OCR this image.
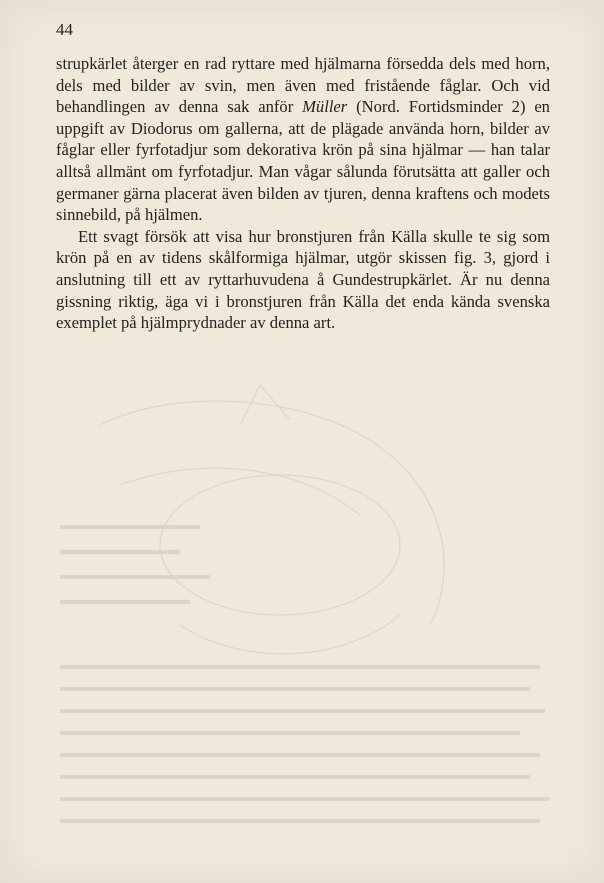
44

strupkärlet återger en rad ryttare med hjälmarna försedda dels med horn, dels med bilder av svin, men även med fristående fåglar. Och vid behandlingen av denna sak anför Müller (Nord. Fortidsminder 2) en uppgift av Diodorus om gallerna, att de plägade använda horn, bilder av fåglar eller fyrfotadjur som dekorativa krön på sina hjälmar — han talar alltså allmänt om fyrfotadjur. Man vågar sålunda förutsätta att galler och germaner gärna placerat även bilden av tjuren, denna kraftens och modets sinnebild, på hjälmen.

Ett svagt försök att visa hur bronstjuren från Källa skulle te sig som krön på en av tidens skålformiga hjälmar, utgör skissen fig. 3, gjord i anslutning till ett av ryttarhuvudena å Gundestrupkärlet. Är nu denna gissning riktig, äga vi i bronstjuren från Källa det enda kända svenska exemplet på hjälmprydnader av denna art.
